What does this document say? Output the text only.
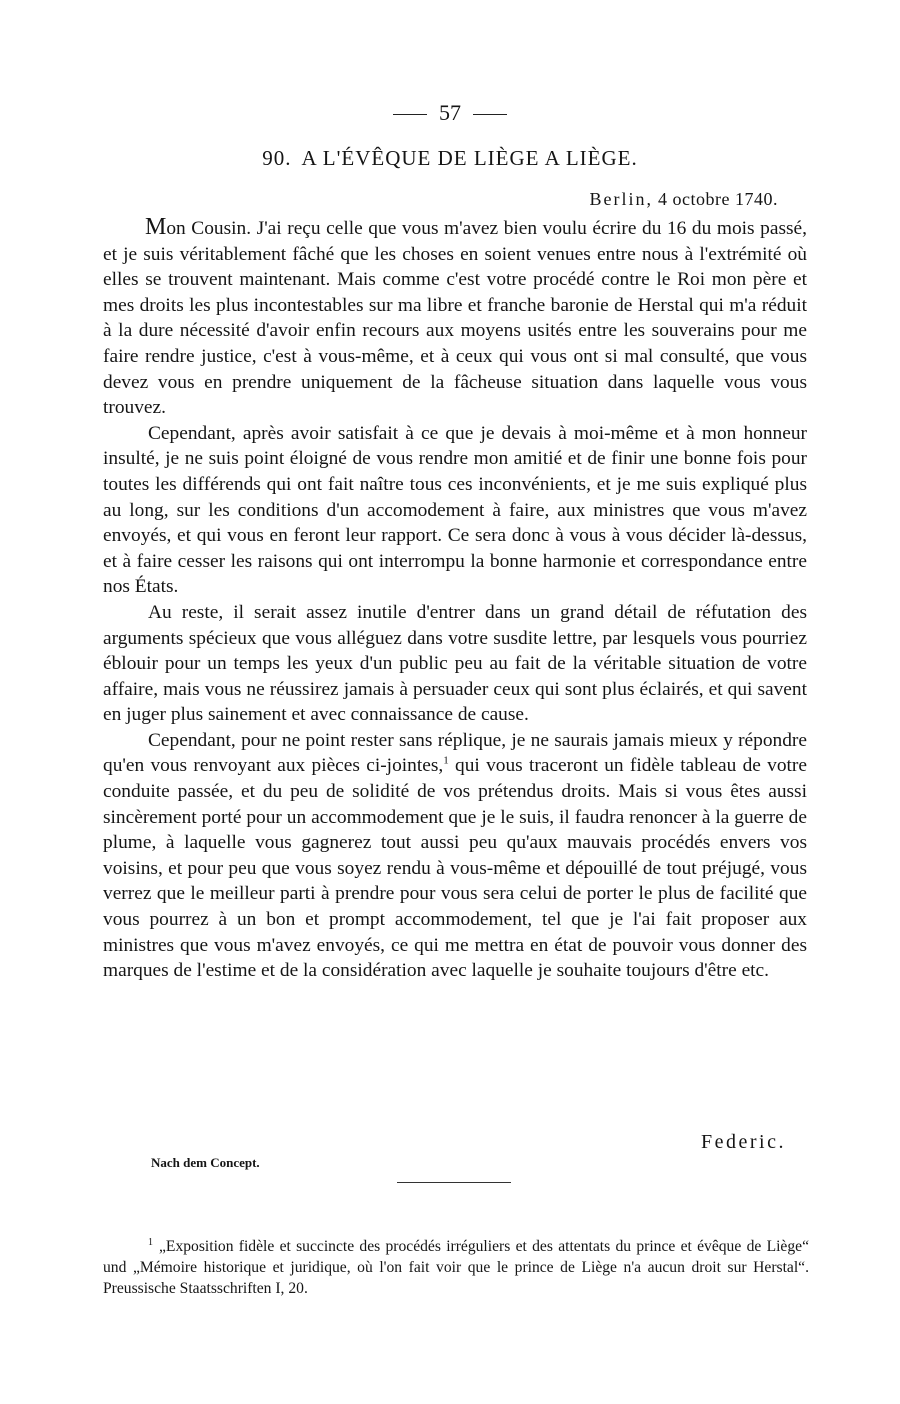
57
90. A L'ÉVÊQUE DE LIÈGE A LIÈGE.
Berlin, 4 octobre 1740.

Mon Cousin. J'ai reçu celle que vous m'avez bien voulu écrire du 16 du mois passé, et je suis véritablement fâché que les choses en soient venues entre nous à l'extrémité où elles se trouvent maintenant. Mais comme c'est votre procédé contre le Roi mon père et mes droits les plus incontestables sur ma libre et franche baronie de Herstal qui m'a réduit à la dure nécessité d'avoir enfin recours aux moyens usités entre les souverains pour me faire rendre justice, c'est à vous-même, et à ceux qui vous ont si mal consulté, que vous devez vous en prendre uniquement de la fâcheuse situation dans laquelle vous vous trouvez.

Cependant, après avoir satisfait à ce que je devais à moi-même et à mon honneur insulté, je ne suis point éloigné de vous rendre mon amitié et de finir une bonne fois pour toutes les différends qui ont fait naître tous ces inconvénients, et je me suis expliqué plus au long, sur les conditions d'un accomodement à faire, aux ministres que vous m'avez envoyés, et qui vous en feront leur rapport. Ce sera donc à vous à vous décider là-dessus, et à faire cesser les raisons qui ont interrompu la bonne harmonie et correspondance entre nos États.

Au reste, il serait assez inutile d'entrer dans un grand détail de réfutation des arguments spécieux que vous alléguez dans votre susdite lettre, par lesquels vous pourriez éblouir pour un temps les yeux d'un public peu au fait de la véritable situation de votre affaire, mais vous ne réussirez jamais à persuader ceux qui sont plus éclairés, et qui savent en juger plus sainement et avec connaissance de cause.

Cependant, pour ne point rester sans réplique, je ne saurais jamais mieux y répondre qu'en vous renvoyant aux pièces ci-jointes,$^1$ qui vous traceront un fidèle tableau de votre conduite passée, et du peu de solidité de vos prétendus droits. Mais si vous êtes aussi sincèrement porté pour un accommodement que je le suis, il faudra renoncer à la guerre de plume, à laquelle vous gagnerez tout aussi peu qu'aux mauvais procédés envers vos voisins, et pour peu que vous soyez rendu à vous-même et dépouillé de tout préjugé, vous verrez que le meilleur parti à prendre pour vous sera celui de porter le plus de facilité que vous pourrez à un bon et prompt accommodement, tel que je l'ai fait proposer aux ministres que vous m'avez envoyés, ce qui me mettra en état de pouvoir vous donner des marques de l'estime et de la considération avec laquelle je souhaite toujours d'être etc.

Federic.
Nach dem Concept.

$^1$ „Exposition fidèle et succincte des procédés irréguliers et des attentats du prince et évêque de Liège“ und „Mémoire historique et juridique, où l'on fait voir que le prince de Liège n'a aucun droit sur Herstal“. Preussische Staatsschriften I, 20.
